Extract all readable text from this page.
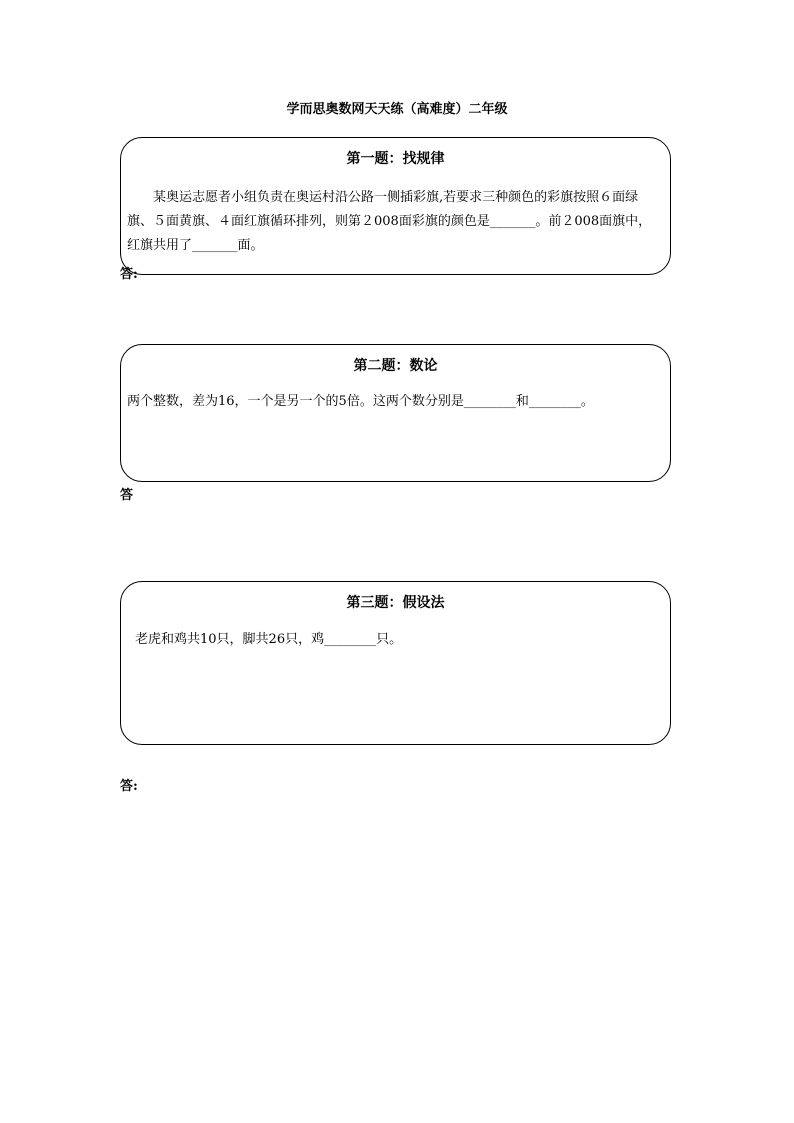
学而思奥数网天天练（高难度）二年级
第一题：找规律

某奥运志愿者小组负责在奥运村沿公路一侧插彩旗,若要求三种颜色的彩旗按照６面绿旗、５面黄旗、４面红旗循环排列，则第２008面彩旗的颜色是_______。前２008面旗中，红旗共用了_______面。

答:
第二题：数论

两个整数，差为16，一个是另一个的5倍。这两个数分别是________和________。

答
第三题：假设法

老虎和鸡共10只，脚共26只，鸡________只。

答:
